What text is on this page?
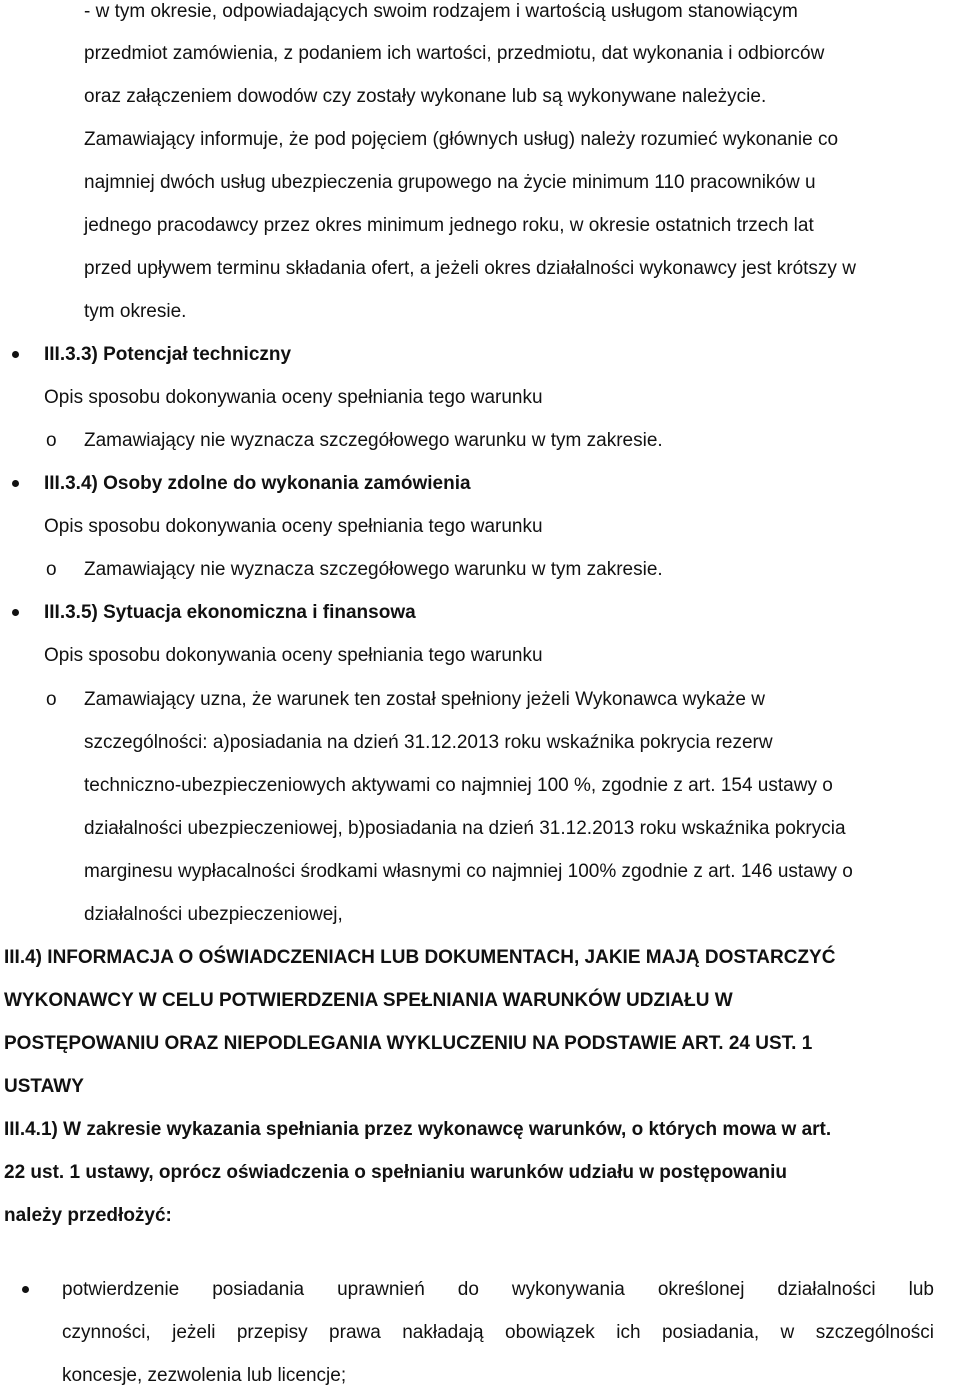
- w tym okresie, odpowiadających swoim rodzajem i wartością usługom stanowiącym
przedmiot zamówienia, z podaniem ich wartości, przedmiotu, dat wykonania i odbiorców
oraz załączeniem dowodów czy zostały wykonane lub są wykonywane należycie.
Zamawiający informuje, że pod pojęciem (głównych usług) należy rozumieć wykonanie co
najmniej dwóch usług ubezpieczenia grupowego na życie minimum 110 pracowników u
jednego pracodawcy przez okres minimum jednego roku, w okresie ostatnich trzech lat
przed upływem terminu składania ofert, a jeżeli okres działalności wykonawcy jest krótszy w
tym okresie.
III.3.3) Potencjał techniczny
Opis sposobu dokonywania oceny spełniania tego warunku
o Zamawiający nie wyznacza szczegółowego warunku w tym zakresie.
III.3.4) Osoby zdolne do wykonania zamówienia
Opis sposobu dokonywania oceny spełniania tego warunku
o Zamawiający nie wyznacza szczegółowego warunku w tym zakresie.
III.3.5) Sytuacja ekonomiczna i finansowa
Opis sposobu dokonywania oceny spełniania tego warunku
o Zamawiający uzna, że warunek ten został spełniony jeżeli Wykonawca wykaże w
szczególności: a)posiadania na dzień 31.12.2013 roku wskaźnika pokrycia rezerw
techniczno-ubezpieczeniowych aktywami co najmniej 100 %, zgodnie z art. 154 ustawy o
działalności ubezpieczeniowej, b)posiadania na dzień 31.12.2013 roku wskaźnika pokrycia
marginesu wypłacalności środkami własnymi co najmniej 100% zgodnie z art. 146 ustawy o
działalności ubezpieczeniowej,
III.4) INFORMACJA O OŚWIADCZENIACH LUB DOKUMENTACH, JAKIE MAJĄ DOSTARCZYĆ
WYKONAWCY W CELU POTWIERDZENIA SPEŁNIANIA WARUNKÓW UDZIAŁU W
POSTĘPOWANIU ORAZ NIEPODLEGANIA WYKLUCZENIU NA PODSTAWIE ART. 24 UST. 1
USTAWY
III.4.1) W zakresie wykazania spełniania przez wykonawcę warunków, o których mowa w art.
22 ust. 1 ustawy, oprócz oświadczenia o spełnianiu warunków udziału w postępowaniu
należy przedłożyć:
potwierdzenie posiadania uprawnień do wykonywania określonej działalności lub
czynności, jeżeli przepisy prawa nakładają obowiązek ich posiadania, w szczególności
koncesje, zezwolenia lub licencje;
